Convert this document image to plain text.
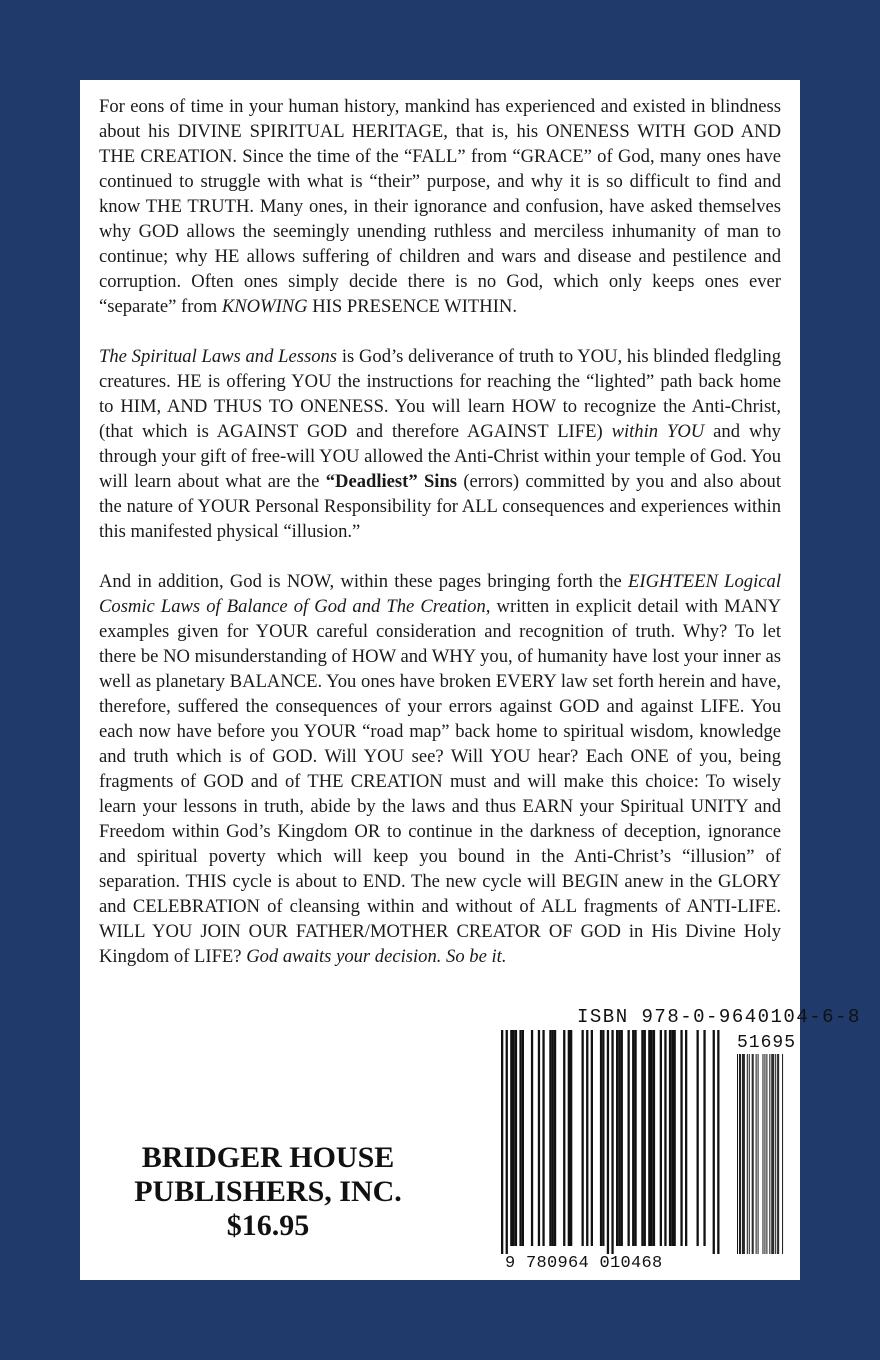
For eons of time in your human history, mankind has experienced and existed in blindness about his DIVINE SPIRITUAL HERITAGE, that is, his ONENESS WITH GOD AND THE CREATION. Since the time of the “FALL” from “GRACE” of God, many ones have continued to struggle with what is “their” purpose, and why it is so difficult to find and know THE TRUTH. Many ones, in their ignorance and confusion, have asked themselves why GOD allows the seemingly unending ruthless and merciless inhumanity of man to continue; why HE allows suffering of children and wars and disease and pestilence and corruption. Often ones simply decide there is no God, which only keeps ones ever “separate” from KNOWING HIS PRESENCE WITHIN.

The Spiritual Laws and Lessons is God’s deliverance of truth to YOU, his blinded fledgling creatures. HE is offering YOU the instructions for reaching the “lighted” path back home to HIM, AND THUS TO ONENESS. You will learn HOW to recognize the Anti-Christ, (that which is AGAINST GOD and therefore AGAINST LIFE) within YOU and why through your gift of free-will YOU allowed the Anti-Christ within your temple of God. You will learn about what are the “Deadliest” Sins (errors) committed by you and also about the nature of YOUR Personal Responsibility for ALL consequences and experiences within this manifested physical “illusion.”

And in addition, God is NOW, within these pages bringing forth the EIGHTEEN Logical Cosmic Laws of Balance of God and The Creation, written in explicit detail with MANY examples given for YOUR careful consideration and recognition of truth. Why? To let there be NO misunderstanding of HOW and WHY you, of humanity have lost your inner as well as planetary BALANCE. You ones have broken EVERY law set forth herein and have, therefore, suffered the consequences of your errors against GOD and against LIFE. You each now have before you YOUR “road map” back home to spiritual wisdom, knowledge and truth which is of GOD. Will YOU see? Will YOU hear? Each ONE of you, being fragments of GOD and of THE CREATION must and will make this choice: To wisely learn your lessons in truth, abide by the laws and thus EARN your Spiritual UNITY and Freedom within God’s Kingdom OR to continue in the darkness of deception, ignorance and spiritual poverty which will keep you bound in the Anti-Christ’s “illusion” of separation. THIS cycle is about to END. The new cycle will BEGIN anew in the GLORY and CELEBRATION of cleansing within and without of ALL fragments of ANTI-LIFE. WILL YOU JOIN OUR FATHER/MOTHER CREATOR OF GOD in His Divine Holy Kingdom of LIFE? God awaits your decision. So be it.

BRIDGER HOUSE
PUBLISHERS, INC.
$16.95
ISBN 978-0-9640104-6-8
51695
9 780964 010468
